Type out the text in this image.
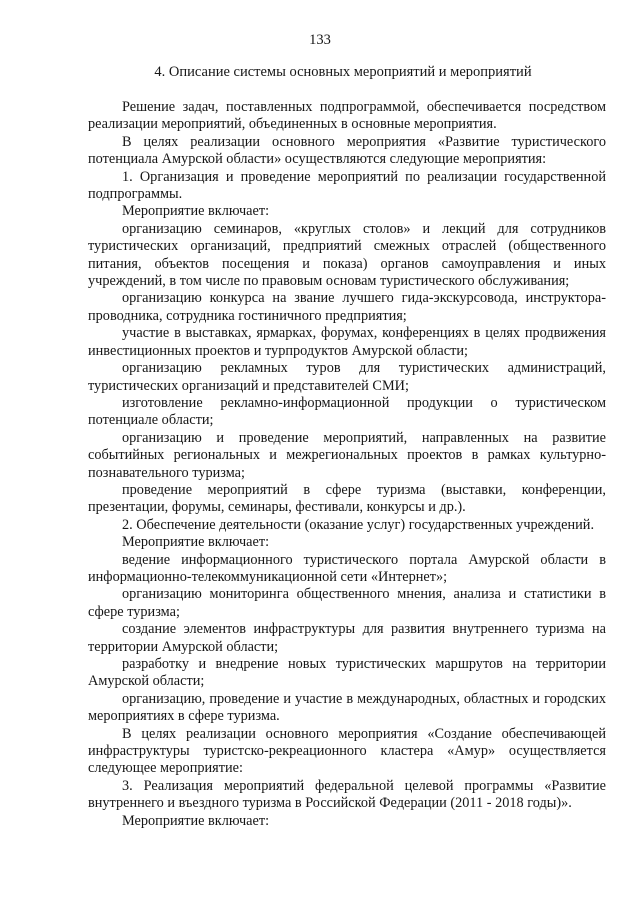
133
4. Описание системы основных мероприятий и мероприятий

Решение задач, поставленных подпрограммой, обеспечивается посредством реализации мероприятий, объединенных в основные мероприятия.

В целях реализации основного мероприятия «Развитие туристического потенциала Амурской области» осуществляются следующие мероприятия:

1. Организация и проведение мероприятий по реализации государственной подпрограммы.

Мероприятие включает:

организацию семинаров, «круглых столов» и лекций для сотрудников туристических организаций, предприятий смежных отраслей (общественного питания, объектов посещения и показа) органов самоуправления и иных учреждений, в том числе по правовым основам туристического обслуживания;

организацию конкурса на звание лучшего гида-экскурсовода, инструктора-проводника, сотрудника гостиничного предприятия;

участие в выставках, ярмарках, форумах, конференциях в целях продвижения инвестиционных проектов и турпродуктов Амурской области;

организацию рекламных туров для туристических администраций, туристических организаций и представителей СМИ;

изготовление рекламно-информационной продукции о туристическом потенциале области;

организацию и проведение мероприятий, направленных на развитие событийных региональных и межрегиональных проектов в рамках культурно-познавательного туризма;

проведение мероприятий в сфере туризма (выставки, конференции, презентации, форумы, семинары, фестивали, конкурсы и др.).

2. Обеспечение деятельности (оказание услуг) государственных учреждений.

Мероприятие включает:

ведение информационного туристического портала Амурской области в информационно-телекоммуникационной сети «Интернет»;

организацию мониторинга общественного мнения, анализа и статистики в сфере туризма;

создание элементов инфраструктуры для развития внутреннего туризма на территории Амурской области;

разработку и внедрение новых туристических маршрутов на территории Амурской области;

организацию, проведение и участие в международных, областных и городских мероприятиях в сфере туризма.

В целях реализации основного мероприятия «Создание обеспечивающей инфраструктуры туристско-рекреационного кластера «Амур» осуществляется следующее мероприятие:

3. Реализация мероприятий федеральной целевой программы «Развитие внутреннего и въездного туризма в Российской Федерации (2011 - 2018 годы)».

Мероприятие включает:
